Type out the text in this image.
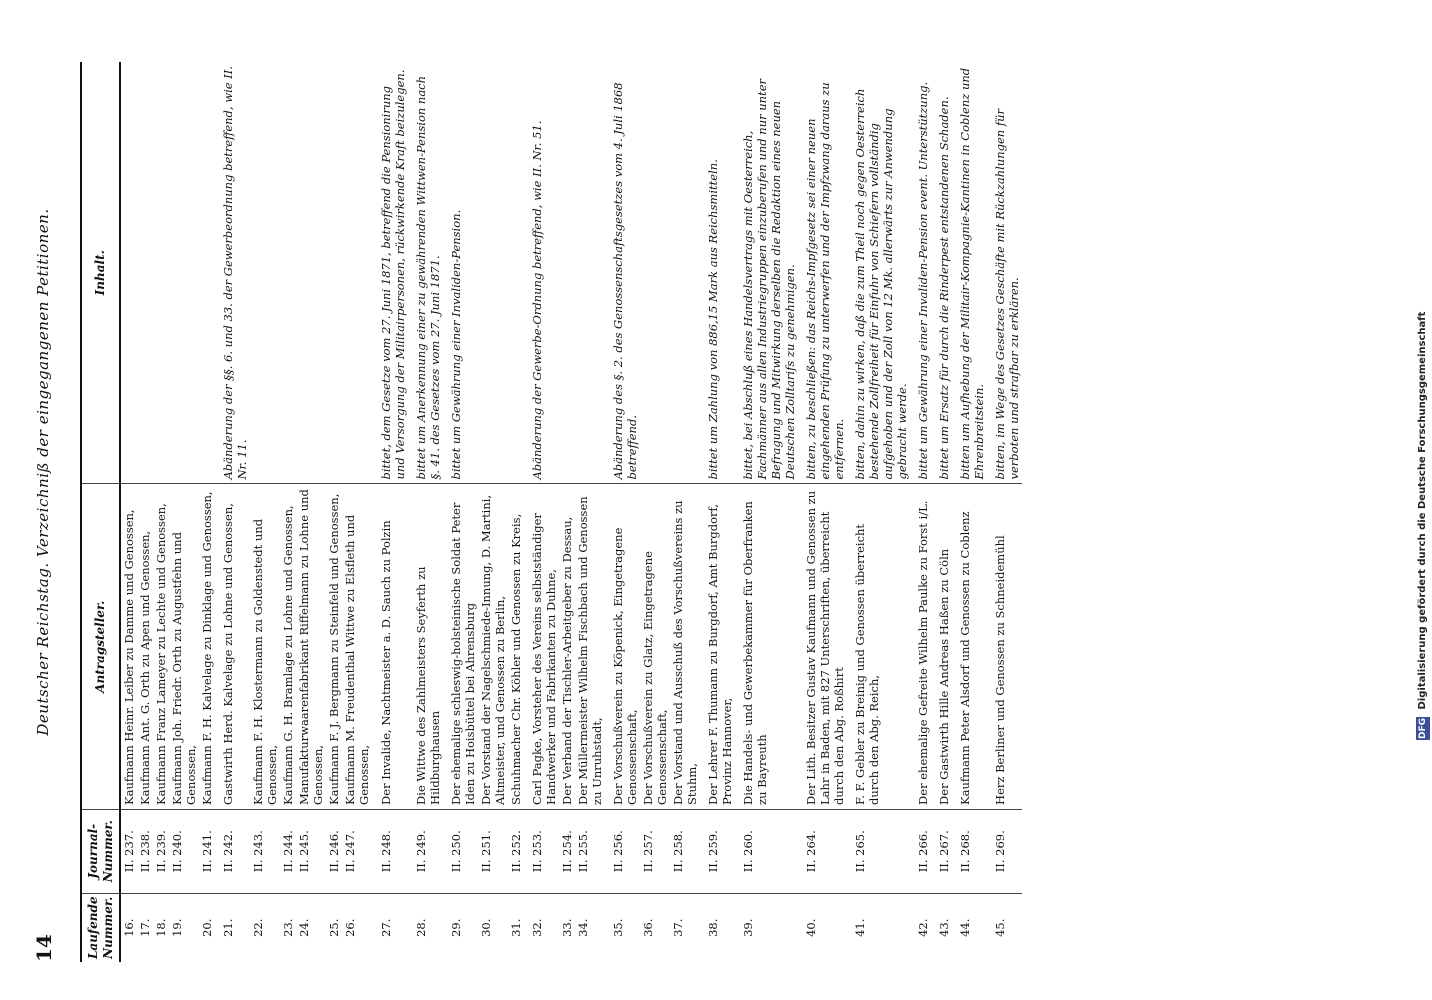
14
Deutscher Reichstag. Verzeichniß der eingegangenen Petitionen.
Laufende Nummer.	Journal-Nummer.	Antragsteller.	Inhalt.
16.	II. 237.	Kaufmann Heinr. Leiber zu Damme und Genossen,	
17.	II. 238.	Kaufmann Ant. G. Orth zu Apen und Genossen,	
18.	II. 239.	Kaufmann Franz Lameyer zu Lechte und Genossen,	
19.	II. 240.	Kaufmann Joh. Friedr. Orth zu Augustfehn und Genossen,	
20.	II. 241.	Kaufmann F. H. Kalvelage zu Dinklage und Genossen,	
21.	II. 242.	Gastwirth Herd. Kalvelage zu Lohne und Genossen,	Abänderung der §§. 6. und 33. der Gewerbeordnung betreffend, wie II. Nr. 11.
22.	II. 243.	Kaufmann F. H. Klostermann zu Goldenstedt und Genossen,	
23.	II. 244.	Kaufmann G. H. Bramlage zu Lohne und Genossen,	
24.	II. 245.	Manufakturwaarenfabrikant Riffelmann zu Lohne und Genossen,	
25.	II. 246.	Kaufmann F. J. Bergmann zu Steinfeld und Genossen,	
26.	II. 247.	Kaufmann M. Freudenthal Wittwe zu Elsfleth und Genossen,	
27.	II. 248.	Der Invalide, Nachtmeister a. D. Sauch zu Polzin	bittet, dem Gesetze vom 27. Juni 1871, betreffend die Pensionirung und Versorgung der Militairpersonen, rückwirkende Kraft beizulegen.
28.	II. 249.	Die Wittwe des Zahlmeisters Seyferth zu Hildburghausen	bittet um Anerkennung einer zu gewährenden Wittwen-Pension nach §. 41. des Gesetzes vom 27. Juni 1871.
29.	II. 250.	Der ehemalige schleswig-holsteinische Soldat Peter Iden zu Hoisbüttel bei Ahrensburg	bittet um Gewährung einer Invaliden-Pension.
30.	II. 251.	Der Vorstand der Nagelschmiede-Innung, D. Martini, Altmeister, und Genossen zu Berlin,	
31.	II. 252.	Schuhmacher Chr. Köhler und Genossen zu Kreis,	
32.	II. 253.	Carl Pagke, Vorsteher des Vereins selbstständiger Handwerker und Fabrikanten zu Duhne,	Abänderung der Gewerbe-Ordnung betreffend, wie II. Nr. 51.
33.	II. 254.	Der Verband der Tischler-Arbeitgeber zu Dessau,	
34.	II. 255.	Der Müllermeister Wilhelm Fischbach und Genossen zu Unruhstadt,	
35.	II. 256.	Der Vorschußverein zu Köpenick, Eingetragene Genossenschaft,	Abänderung des §. 2. des Genossenschaftsgesetzes vom 4. Juli 1868 betreffend.
36.	II. 257.	Der Vorschußverein zu Glatz, Eingetragene Genossenschaft,	
37.	II. 258.	Der Vorstand und Ausschuß des Vorschußvereins zu Stuhm,	
38.	II. 259.	Der Lehrer F. Thumann zu Burgdorf, Amt Burgdorf, Provinz Hannover,	bittet um Zahlung von 886,15 Mark aus Reichsmitteln.
39.	II. 260.	Die Handels- und Gewerbekammer für Oberfranken zu Bayreuth	bittet, bei Abschluß eines Handelsvertrags mit Oesterreich, Fachmänner aus allen Industriegruppen einzuberufen und nur unter Befragung und Mitwirkung derselben die Redaktion eines neuen Deutschen Zolltarifs zu genehmigen.
40.	II. 264.	Der Lith. Besitzer Gustav Kaufmann und Genossen zu Lahr in Baden, mit 827 Unterschriften, überreicht durch den Abg. Roßhirt	bitten, zu beschließen: das Reichs-Impfgesetz sei einer neuen eingehenden Prüfung zu unterwerfen und der Impfzwang daraus zu entfernen.
41.	II. 265.	F. F. Gebler zu Breinig und Genossen überreicht durch den Abg. Reich,	bitten, dahin zu wirken, daß die zum Theil noch gegen Oesterreich bestehende Zollfreiheit für Einfuhr von Schiefern vollständig aufgehoben und der Zoll von 12 Mk. allerwärts zur Anwendung gebracht werde.
42.	II. 266.	Der ehemalige Gefreite Wilhelm Paulke zu Forst i/L.	bittet um Gewährung einer Invaliden-Pension event. Unterstützung.
43.	II. 267.	Der Gastwirth Hille Andreas Haßen zu Cöln	bittet um Ersatz für durch die Rinderpest entstandenen Schaden.
44.	II. 268.	Kaufmann Peter Alsdorf und Genossen zu Coblenz	bitten um Aufhebung der Militair-Kompagnie-Kantinen in Coblenz und Ehrenbreitstein.
45.	II. 269.	Herz Berliner und Genossen zu Schneidemühl	bitten, im Wege des Gesetzes Geschäfte mit Rückzahlungen für verboten und strafbar zu erklären.
DFG Digitalisierung gefördert durch die Deutsche Forschungsgemeinschaft
